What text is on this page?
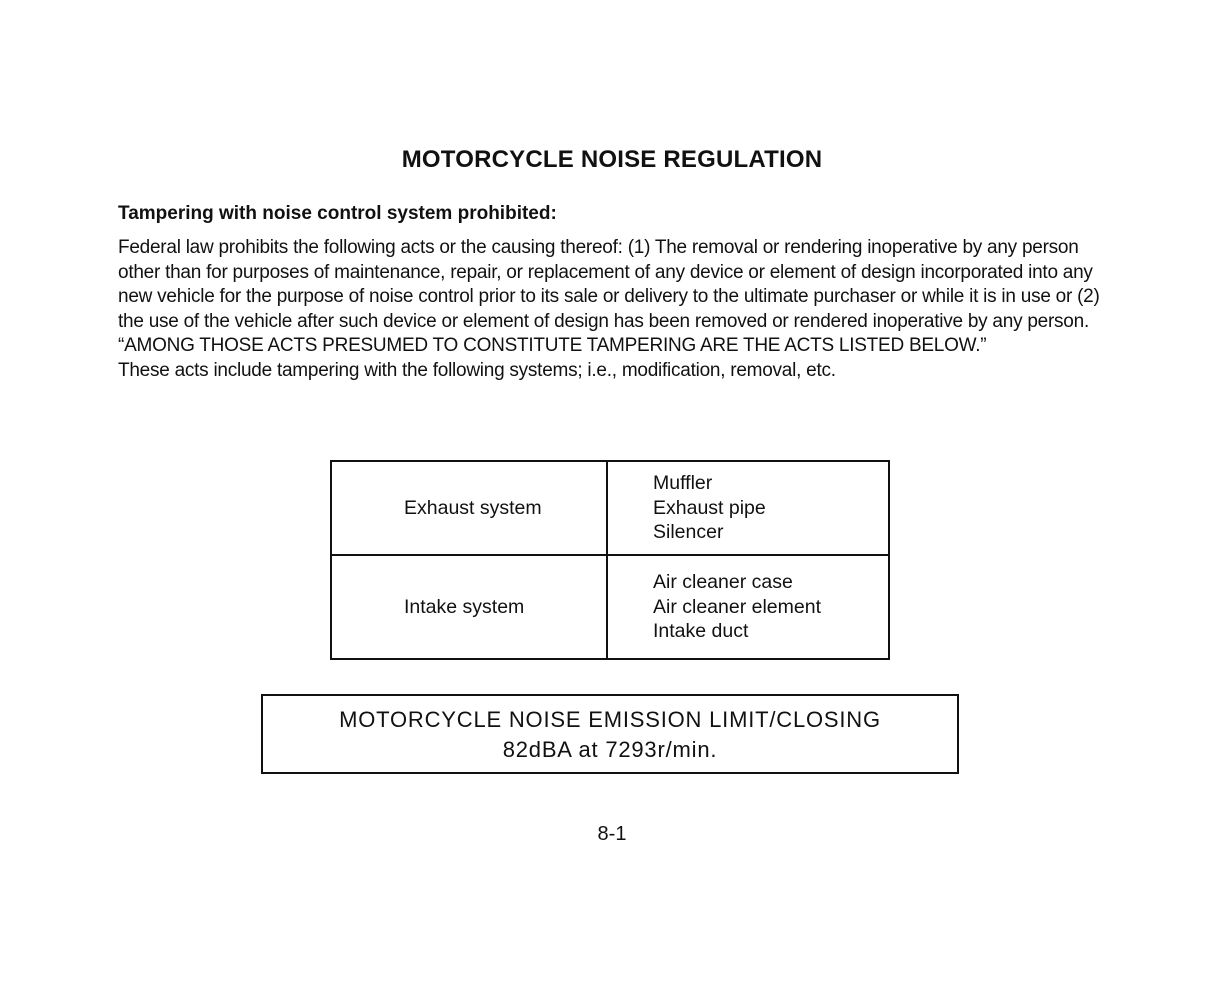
MOTORCYCLE NOISE REGULATION
Tampering with noise control system prohibited:

Federal law prohibits the following acts or the causing thereof: (1) The removal or rendering inoperative by any person other than for purposes of maintenance, repair, or replacement of any device or element of design incorporated into any new vehicle for the purpose of noise control prior to its sale or delivery to the ultimate purchaser or while it is in use or (2) the use of the vehicle after such device or element of design has been removed or rendered inoperative by any person.

“AMONG THOSE ACTS PRESUMED TO CONSTITUTE TAMPERING ARE THE ACTS LISTED BELOW.”

These acts include tampering with the following systems; i.e., modification, removal, etc.

Exhaust system	Muffler
Exhaust pipe
Silencer

Intake system	Air cleaner case
Air cleaner element
Intake duct
MOTORCYCLE NOISE EMISSION LIMIT/CLOSING
82dBA at 7293r/min.
8-1
